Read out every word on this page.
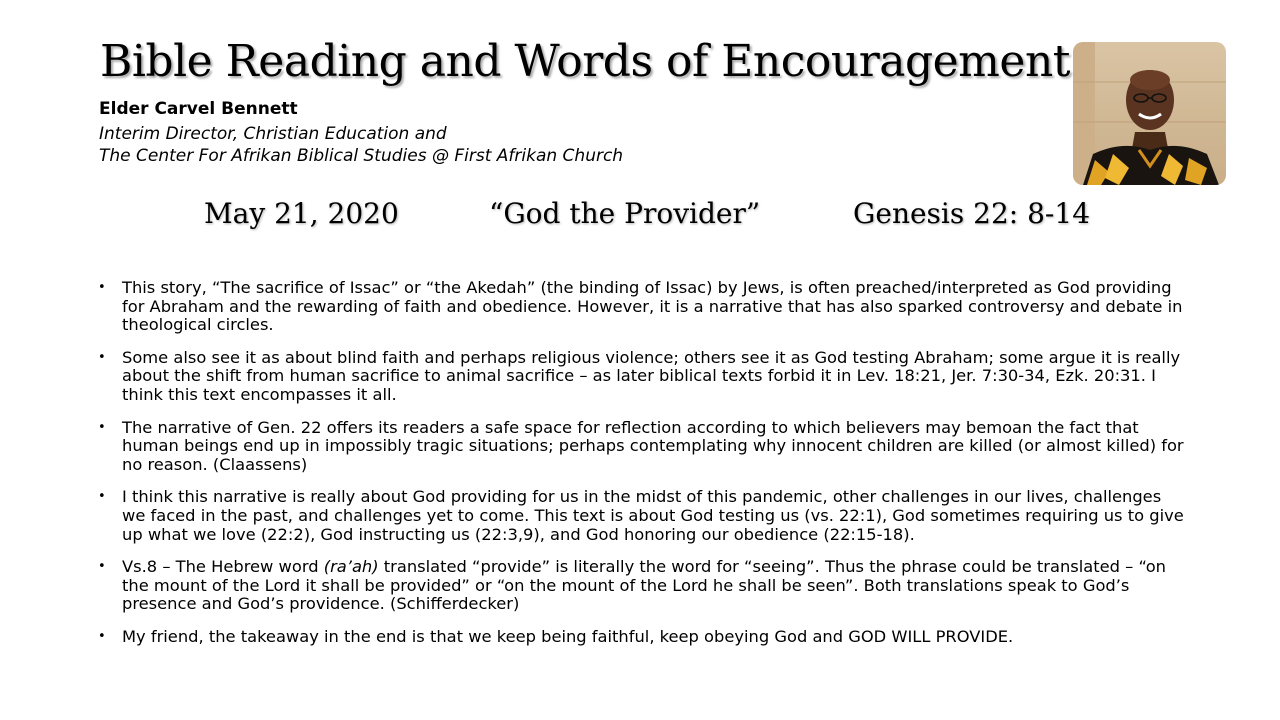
Bible Reading and Words of Encouragement
Elder Carvel Bennett
Interim Director, Christian Education and
The Center For Afrikan Biblical Studies @ First Afrikan Church
May 21, 2020	“God the Provider”	Genesis 22: 8-14
• This story, “The sacrifice of Issac” or “the Akedah” (the binding of Issac) by Jews, is often preached/interpreted as God providing for Abraham and the rewarding of faith and obedience. However, it is a narrative that has also sparked controversy and debate in theological circles.
• Some also see it as about blind faith and perhaps religious violence; others see it as God testing Abraham; some argue it is really about the shift from human sacrifice to animal sacrifice – as later biblical texts forbid it in Lev. 18:21, Jer. 7:30-34, Ezk. 20:31. I think this text encompasses it all.
• The narrative of Gen. 22 offers its readers a safe space for reflection according to which believers may bemoan the fact that human beings end up in impossibly tragic situations; perhaps contemplating why innocent children are killed (or almost killed) for no reason. (Claassens)
• I think this narrative is really about God providing for us in the midst of this pandemic, other challenges in our lives, challenges we faced in the past, and challenges yet to come. This text is about God testing us (vs. 22:1), God sometimes requiring us to give up what we love (22:2), God instructing us (22:3,9), and God honoring our obedience (22:15-18).
• Vs.8 – The Hebrew word (ra’ah) translated “provide” is literally the word for “seeing”. Thus the phrase could be translated – “on the mount of the Lord it shall be provided” or “on the mount of the Lord he shall be seen”. Both translations speak to God’s presence and God’s providence. (Schifferdecker)
• My friend, the takeaway in the end is that we keep being faithful, keep obeying God and GOD WILL PROVIDE.
